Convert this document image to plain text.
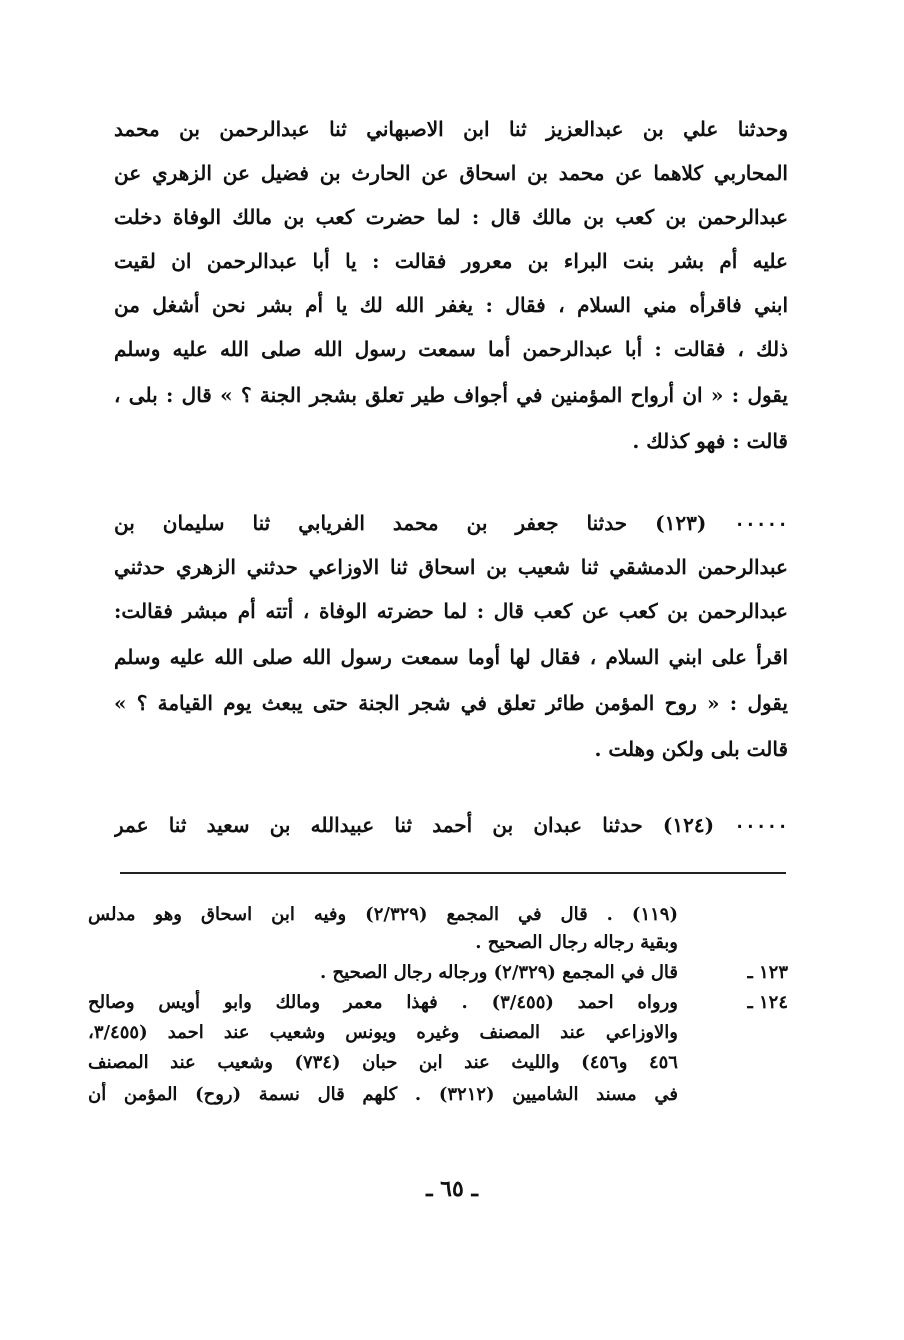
وحدثنا علي بن عبدالعزيز ثنا ابن الاصبهاني ثنا عبدالرحمن بن محمد
المحاربي كلاهما عن محمد بن اسحاق عن الحارث بن فضيل عن الزهري عن
عبدالرحمن بن كعب بن مالك قال : لما حضرت كعب بن مالك الوفاة دخلت
عليه أم بشر بنت البراء بن معرور فقالت : يا أبا عبدالرحمن ان لقيت
ابني فاقرأه مني السلام ، فقال : يغفر الله لك يا أم بشر نحن أشغل من
ذلك ، فقالت : أبا عبدالرحمن أما سمعت رسول الله صلى الله عليه وسلم
يقول : « ان أرواح المؤمنين في أجواف طير تعلق بشجر الجنة ؟ » قال : بلى ،
قالت : فهو كذلك .
٠٠٠٠٠ (١٢٣) حدثنا جعفر بن محمد الفريابي ثنا سليمان بن
عبدالرحمن الدمشقي ثنا شعيب بن اسحاق ثنا الاوزاعي حدثني الزهري حدثني
عبدالرحمن بن كعب عن كعب قال : لما حضرته الوفاة ، أتته أم مبشر فقالت:
اقرأ على ابني السلام ، فقال لها أوما سمعت رسول الله صلى الله عليه وسلم
يقول : « روح المؤمن طائر تعلق في شجر الجنة حتى يبعث يوم القيامة ؟ »
قالت بلى ولكن وهلت .
٠٠٠٠٠ (١٢٤) حدثنا عبدان بن أحمد ثنا عبيدالله بن سعيد ثنا عمر
(١١٩) . قال في المجمع (٢/٣٢٩) وفيه ابن اسحاق وهو مدلس
وبقية رجاله رجال الصحيح .
١٢٣ ـ
قال في المجمع (٢/٣٢٩) ورجاله رجال الصحيح .
١٢٤ ـ
ورواه احمد (٣/٤٥٥) . فهذا معمر ومالك وابو أويس وصالح
والاوزاعي عند المصنف وغيره ويونس وشعيب عند احمد (٣/٤٥٥،
٤٥٦ و٤٥٦) والليث عند ابن حبان (٧٣٤) وشعيب عند المصنف
في مسند الشاميين (٣٢١٢) . كلهم قال نسمة (روح) المؤمن أن
ـ ٦٥ ـ
